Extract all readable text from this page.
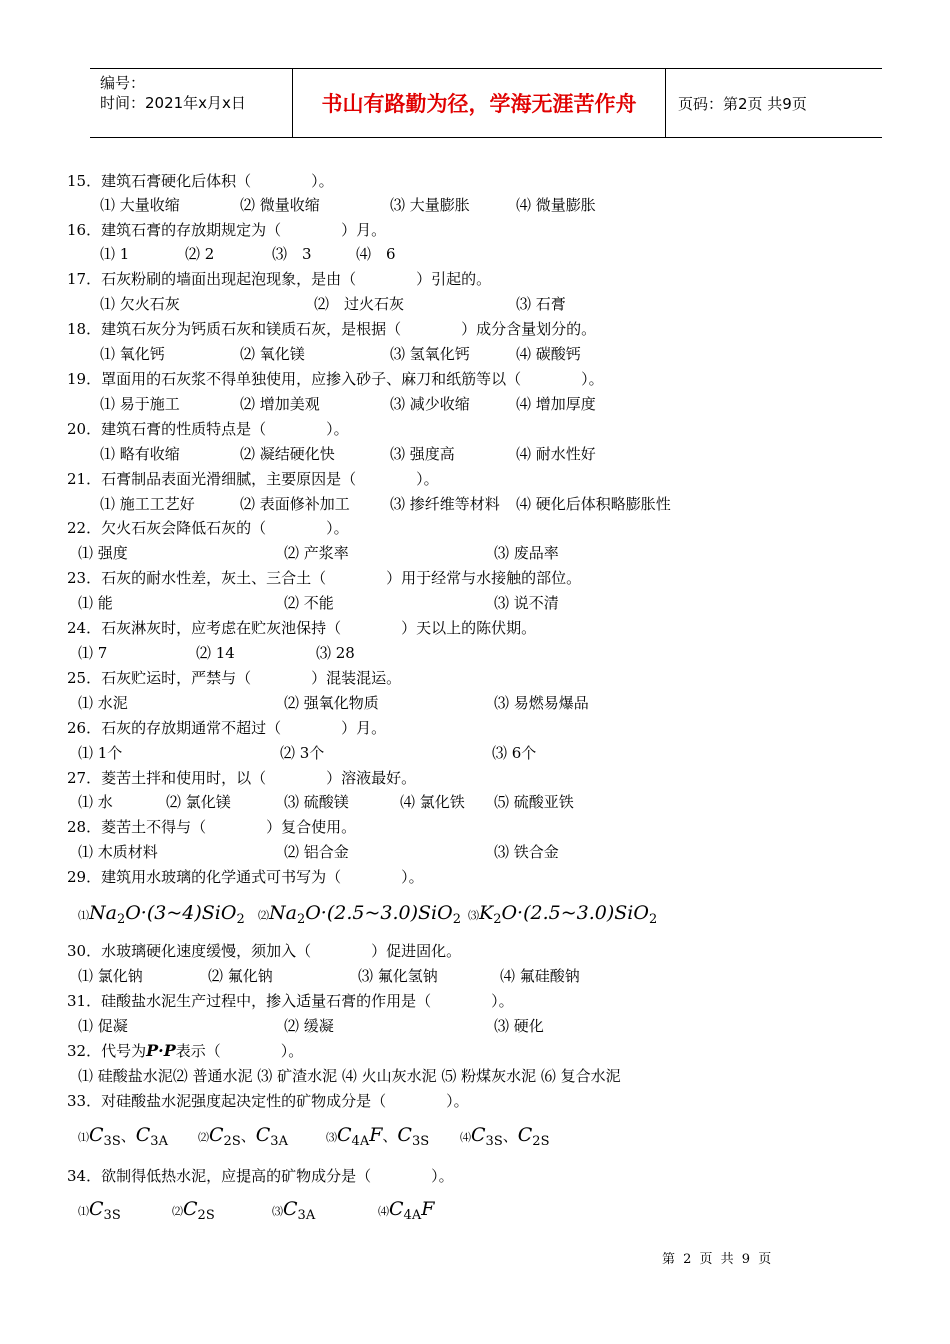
编号：
时间：2021年x月x日	书山有路勤为径，学海无涯苦作舟	页码：第2页 共9页
15．建筑石膏硬化后体积（　　　　）。
⑴ 大量收缩	⑵ 微量收缩	⑶ 大量膨胀	⑷ 微量膨胀
16．建筑石膏的存放期规定为（　　　　）月。
⑴ 1	⑵ 2	⑶　3	⑷　6
17．石灰粉刷的墙面出现起泡现象，是由（　　　　）引起的。
⑴ 欠火石灰	⑵　过火石灰	⑶ 石膏
18．建筑石灰分为钙质石灰和镁质石灰，是根据（　　　　）成分含量划分的。
⑴ 氧化钙	⑵ 氧化镁	⑶ 氢氧化钙	⑷ 碳酸钙
19．罩面用的石灰浆不得单独使用，应掺入砂子、麻刀和纸筋等以（　　　　）。
⑴ 易于施工	⑵ 增加美观	⑶ 减少收缩	⑷ 增加厚度
20．建筑石膏的性质特点是（　　　　）。
⑴ 略有收缩	⑵ 凝结硬化快	⑶ 强度高	⑷ 耐水性好
21．石膏制品表面光滑细腻，主要原因是（　　　　）。
⑴ 施工工艺好	⑵ 表面修补加工	⑶ 掺纤维等材料 ⑷ 硬化后体积略膨胀性
22．欠火石灰会降低石灰的（　　　　）。
⑴ 强度	⑵ 产浆率	⑶ 废品率
23．石灰的耐水性差，灰土、三合土（　　　　）用于经常与水接触的部位。
⑴ 能	⑵ 不能	⑶ 说不清
24．石灰淋灰时，应考虑在贮灰池保持（　　　　）天以上的陈伏期。
⑴ 7	⑵ 14	⑶ 28
25．石灰贮运时，严禁与（　　　　）混装混运。
⑴ 水泥	⑵ 强氧化物质	⑶ 易燃易爆品
26．石灰的存放期通常不超过（　　　　）月。
⑴ 1个	⑵ 3个	⑶ 6个
27．菱苦土拌和使用时，以（　　　　）溶液最好。
⑴ 水	⑵ 氯化镁	⑶ 硫酸镁	⑷ 氯化铁 ⑸ 硫酸亚铁
28．菱苦土不得与（　　　　）复合使用。
⑴ 木质材料	⑵ 铝合金	⑶ 铁合金
29．建筑用水玻璃的化学通式可书写为（　　　　）。
$⑴Na_2O\cdot(3\sim 4)SiO_2$ $⑵Na_2O\cdot(2.5\sim 3.0)SiO_2$ $⑶K_2O\cdot(2.5\sim 3.0)SiO_2$
30．水玻璃硬化速度缓慢，须加入（　　　　）促进固化。
⑴ 氯化钠	⑵ 氟化钠	⑶ 氟化氢钠	⑷ 氟硅酸钠
31．硅酸盐水泥生产过程中，掺入适量石膏的作用是（　　　　）。
⑴ 促凝	⑵ 缓凝	⑶ 硬化
32．代号为P·P表示（　　　　）。
⑴ 硅酸盐水泥⑵ 普通水泥 ⑶ 矿渣水泥 ⑷ 火山灰水泥 ⑸ 粉煤灰水泥 ⑹ 复合水泥
33．对硅酸盐水泥强度起决定性的矿物成分是（　　　　）。
$⑴C_{3S}$、$C_{3A}$	$⑵C_{2S}$、$C_{3A}$	$⑶C_{4A}F$、$C_{3S}$	$⑷C_{3S}$、$C_{2S}$
34．欲制得低热水泥，应提高的矿物成分是（　　　　）。
$⑴C_{3S}$	$⑵C_{2S}$	$⑶C_{3A}$	$⑷C_{4A}F$
第 2 页 共 9 页
